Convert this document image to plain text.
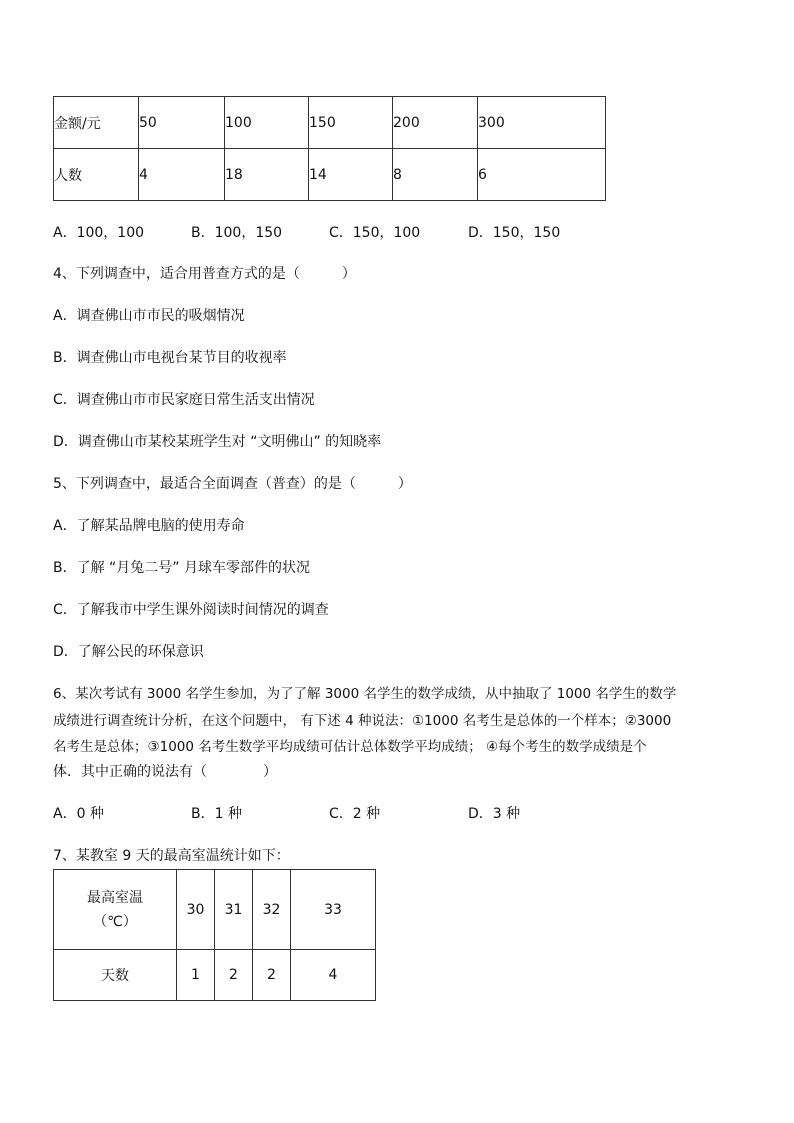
金额/元	50	100	150	200	300
人数	4	18	14	8	6
A．100，100	B．100，150	C．150，100	D．150，150
4、下列调查中，适合用普查方式的是（　　　）
A．调查佛山市市民的吸烟情况
B．调查佛山市电视台某节目的收视率
C．调查佛山市市民家庭日常生活支出情况
D．调查佛山市某校某班学生对 “文明佛山” 的知晓率
5、下列调查中，最适合全面调查（普查）的是（　　　）
A．了解某品牌电脑的使用寿命
B．了解 “月兔二号” 月球车零部件的状况
C．了解我市中学生课外阅读时间情况的调查
D．了解公民的环保意识
6、某次考试有 3000 名学生参加，为了了解 3000 名学生的数学成绩，从中抽取了 1000 名学生的数学
成绩进行调查统计分析，在这个问题中， 有下述 4 种说法：①1000 名考生是总体的一个样本；②3000
名考生是总体；③1000 名考生数学平均成绩可估计总体数学平均成绩； ④每个考生的数学成绩是个
体．其中正确的说法有（　　　　）
A．0 种	B．1 种	C．2 种	D．3 种
7、某教室 9 天的最高室温统计如下：
最高室温
（℃）	30	31	32	33
天数	1	2	2	4
